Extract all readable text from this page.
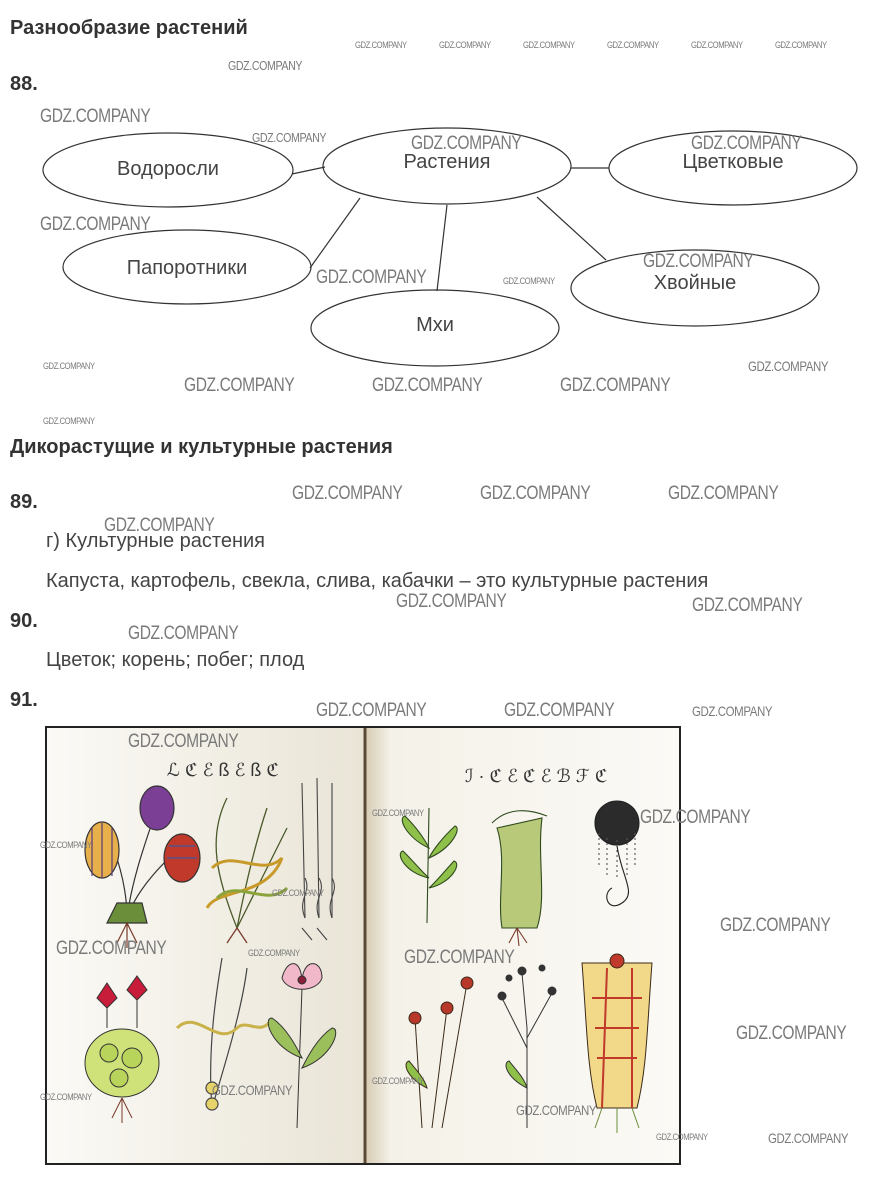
Разнообразие растений
88.
Водоросли	Растения	Цветковые
Папоротники
Хвойные
Мхи
Дикорастущие и культурные растения
89.
г) Культурные растения
Капуста, картофель, свекла, слива, кабачки – это культурные растения
90.
Цветок; корень; побег; плод
91.
ℒ ℭ ℰ ß ℰ ß ℭ	ℐ · ℭ ℰ ℭ ℰ ℬ ℱ ℭ
GDZ.COMPANY	GDZ.COMPANY	GDZ.COMPANY	GDZ.COMPANY	GDZ.COMPANY	GDZ.COMPANY
GDZ.COMPANY
GDZ.COMPANY
GDZ.COMPANY	GDZ.COMPANY	GDZ.COMPANY
GDZ.COMPANY
GDZ.COMPANY
GDZ.COMPANY	GDZ.COMPANY
GDZ.COMPANY	GDZ.COMPANY
GDZ.COMPANY	GDZ.COMPANY	GDZ.COMPANY
GDZ.COMPANY
GDZ.COMPANY	GDZ.COMPANY	GDZ.COMPANY
GDZ.COMPANY
GDZ.COMPANY	GDZ.COMPANY
GDZ.COMPANY
GDZ.COMPANY	GDZ.COMPANY	GDZ.COMPANY
GDZ.COMPANY
GDZ.COMPANY
GDZ.COMPANY
GDZ.COMPANY
GDZ.COMPANY
GDZ.COMPANY
GDZ.COMPANY	GDZ.COMPANY	GDZ.COMPANY
GDZ.COMPANY
GDZ.COMPANY
GDZ.COMPANY
GDZ.COMPANY
GDZ.COMPANY
GDZ.COMPANY	GDZ.COMPANY
